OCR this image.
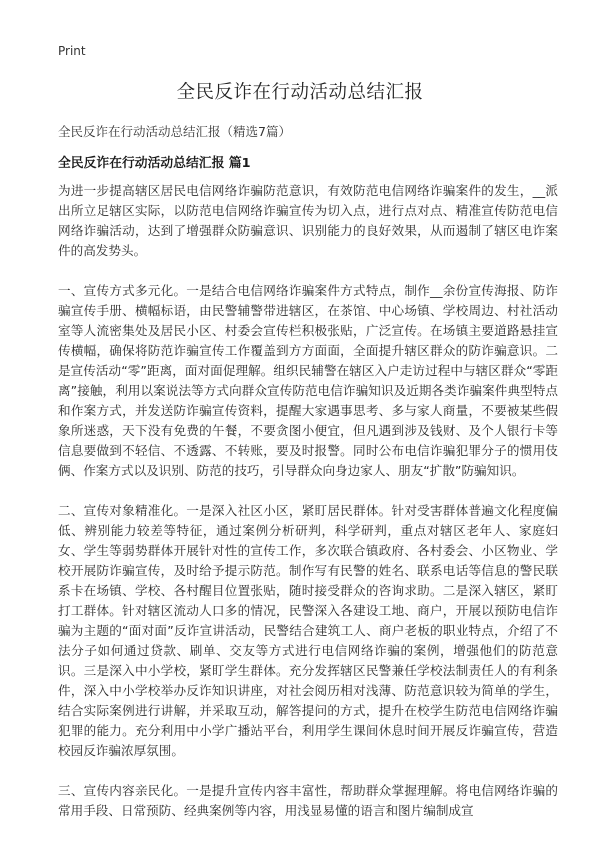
Print
全民反诈在行动活动总结汇报
全民反诈在行动活动总结汇报（精选7篇）
全民反诈在行动活动总结汇报 篇1

为进一步提高辖区居民电信网络诈骗防范意识，有效防范电信网络诈骗案件的发生，__派出所立足辖区实际，以防范电信网络诈骗宣传为切入点，进行点对点、精准宣传防范电信网络诈骗活动，达到了增强群众防骗意识、识别能力的良好效果，从而遏制了辖区电诈案件的高发势头。

一、宣传方式多元化。一是结合电信网络诈骗案件方式特点，制作__余份宣传海报、防诈骗宣传手册、横幅标语，由民警辅警带进辖区，在茶馆、中心场镇、学校周边、村社活动室等人流密集处及居民小区、村委会宣传栏积极张贴，广泛宣传。在场镇主要道路悬挂宣传横幅，确保将防范诈骗宣传工作覆盖到方方面面，全面提升辖区群众的防诈骗意识。二是宣传活动“零”距离，面对面促理解。组织民辅警在辖区入户走访过程中与辖区群众“零距离”接触，利用以案说法等方式向群众宣传防范电信诈骗知识及近期各类诈骗案件典型特点和作案方式，并发送防诈骗宣传资料，提醒大家遇事思考、多与家人商量，不要被某些假象所迷惑，天下没有免费的午餐，不要贪图小便宜，但凡遇到涉及钱财、及个人银行卡等信息要做到不轻信、不透露、不转账，要及时报警。同时公布电信诈骗犯罪分子的惯用伎俩、作案方式以及识别、防范的技巧，引导群众向身边家人、朋友“扩散”防骗知识。

二、宣传对象精准化。一是深入社区小区，紧盯居民群体。针对受害群体普遍文化程度偏低、辨别能力较差等特征，通过案例分析研判，科学研判，重点对辖区老年人、家庭妇女、学生等弱势群体开展针对性的宣传工作，多次联合镇政府、各村委会、小区物业、学校开展防诈骗宣传，及时给予提示防范。制作写有民警的姓名、联系电话等信息的警民联系卡在场镇、学校、各村醒目位置张贴，随时接受群众的咨询求助。二是深入辖区，紧盯打工群体。针对辖区流动人口多的情况，民警深入各建设工地、商户，开展以预防电信诈骗为主题的“面对面”反诈宣讲活动，民警结合建筑工人、商户老板的职业特点，介绍了不法分子如何通过贷款、刷单、交友等方式进行电信网络诈骗的案例，增强他们的防范意识。三是深入中小学校，紧盯学生群体。充分发挥辖区民警兼任学校法制责任人的有利条件，深入中小学校举办反诈知识讲座，对社会阅历相对浅薄、防范意识较为简单的学生，结合实际案例进行讲解，并采取互动，解答提问的方式，提升在校学生防范电信网络诈骗犯罪的能力。充分利用中小学广播站平台，利用学生课间休息时间开展反诈骗宣传，营造校园反诈骗浓厚氛围。

三、宣传内容亲民化。一是提升宣传内容丰富性，帮助群众掌握理解。将电信网络诈骗的常用手段、日常预防、经典案例等内容，用浅显易懂的语言和图片编制成宣
